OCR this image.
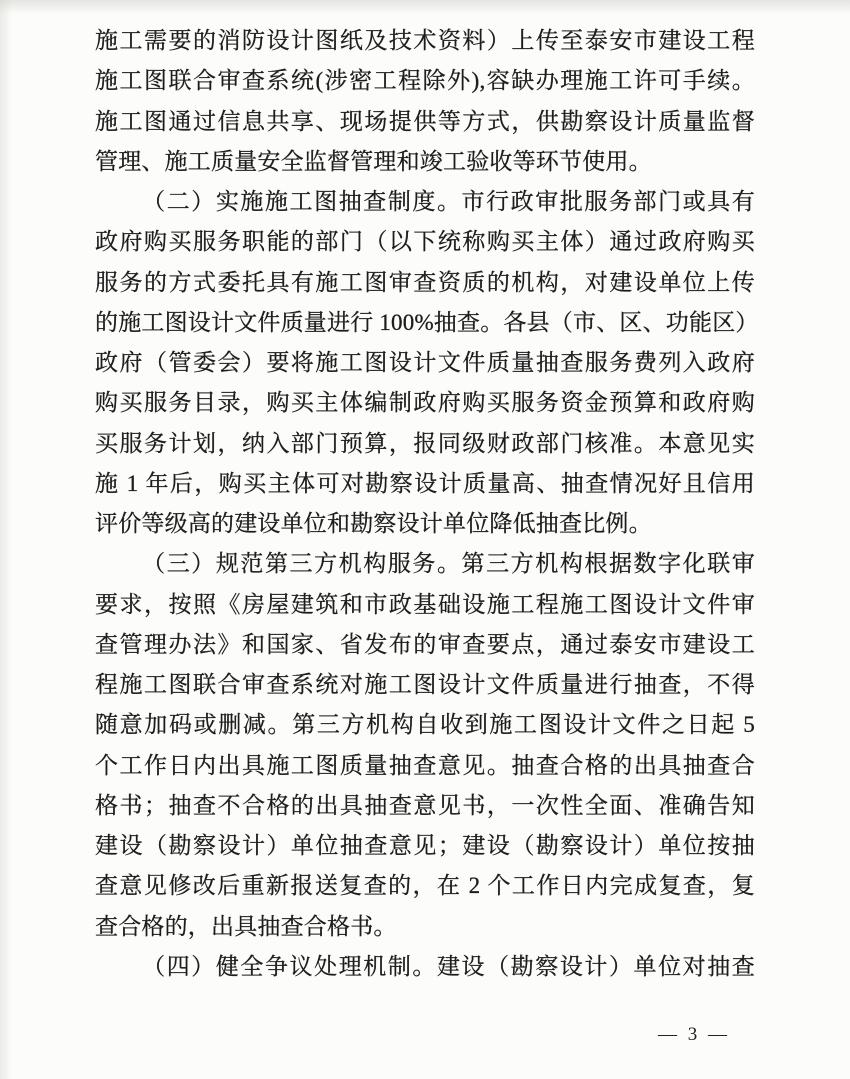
施工需要的消防设计图纸及技术资料）上传至泰安市建设工程
施工图联合审查系统(涉密工程除外),容缺办理施工许可手续。
施工图通过信息共享、现场提供等方式，供勘察设计质量监督
管理、施工质量安全监督管理和竣工验收等环节使用。
（二）实施施工图抽查制度。市行政审批服务部门或具有
政府购买服务职能的部门（以下统称购买主体）通过政府购买
服务的方式委托具有施工图审查资质的机构，对建设单位上传
的施工图设计文件质量进行 100%抽查。各县（市、区、功能区）
政府（管委会）要将施工图设计文件质量抽查服务费列入政府
购买服务目录，购买主体编制政府购买服务资金预算和政府购
买服务计划，纳入部门预算，报同级财政部门核准。本意见实
施 1 年后，购买主体可对勘察设计质量高、抽查情况好且信用
评价等级高的建设单位和勘察设计单位降低抽查比例。
（三）规范第三方机构服务。第三方机构根据数字化联审
要求，按照《房屋建筑和市政基础设施工程施工图设计文件审
查管理办法》和国家、省发布的审查要点，通过泰安市建设工
程施工图联合审查系统对施工图设计文件质量进行抽查，不得
随意加码或删减。第三方机构自收到施工图设计文件之日起 5
个工作日内出具施工图质量抽查意见。抽查合格的出具抽查合
格书；抽查不合格的出具抽查意见书，一次性全面、准确告知
建设（勘察设计）单位抽查意见；建设（勘察设计）单位按抽
查意见修改后重新报送复查的，在 2 个工作日内完成复查，复
查合格的，出具抽查合格书。
（四）健全争议处理机制。建设（勘察设计）单位对抽查
— 3 —
